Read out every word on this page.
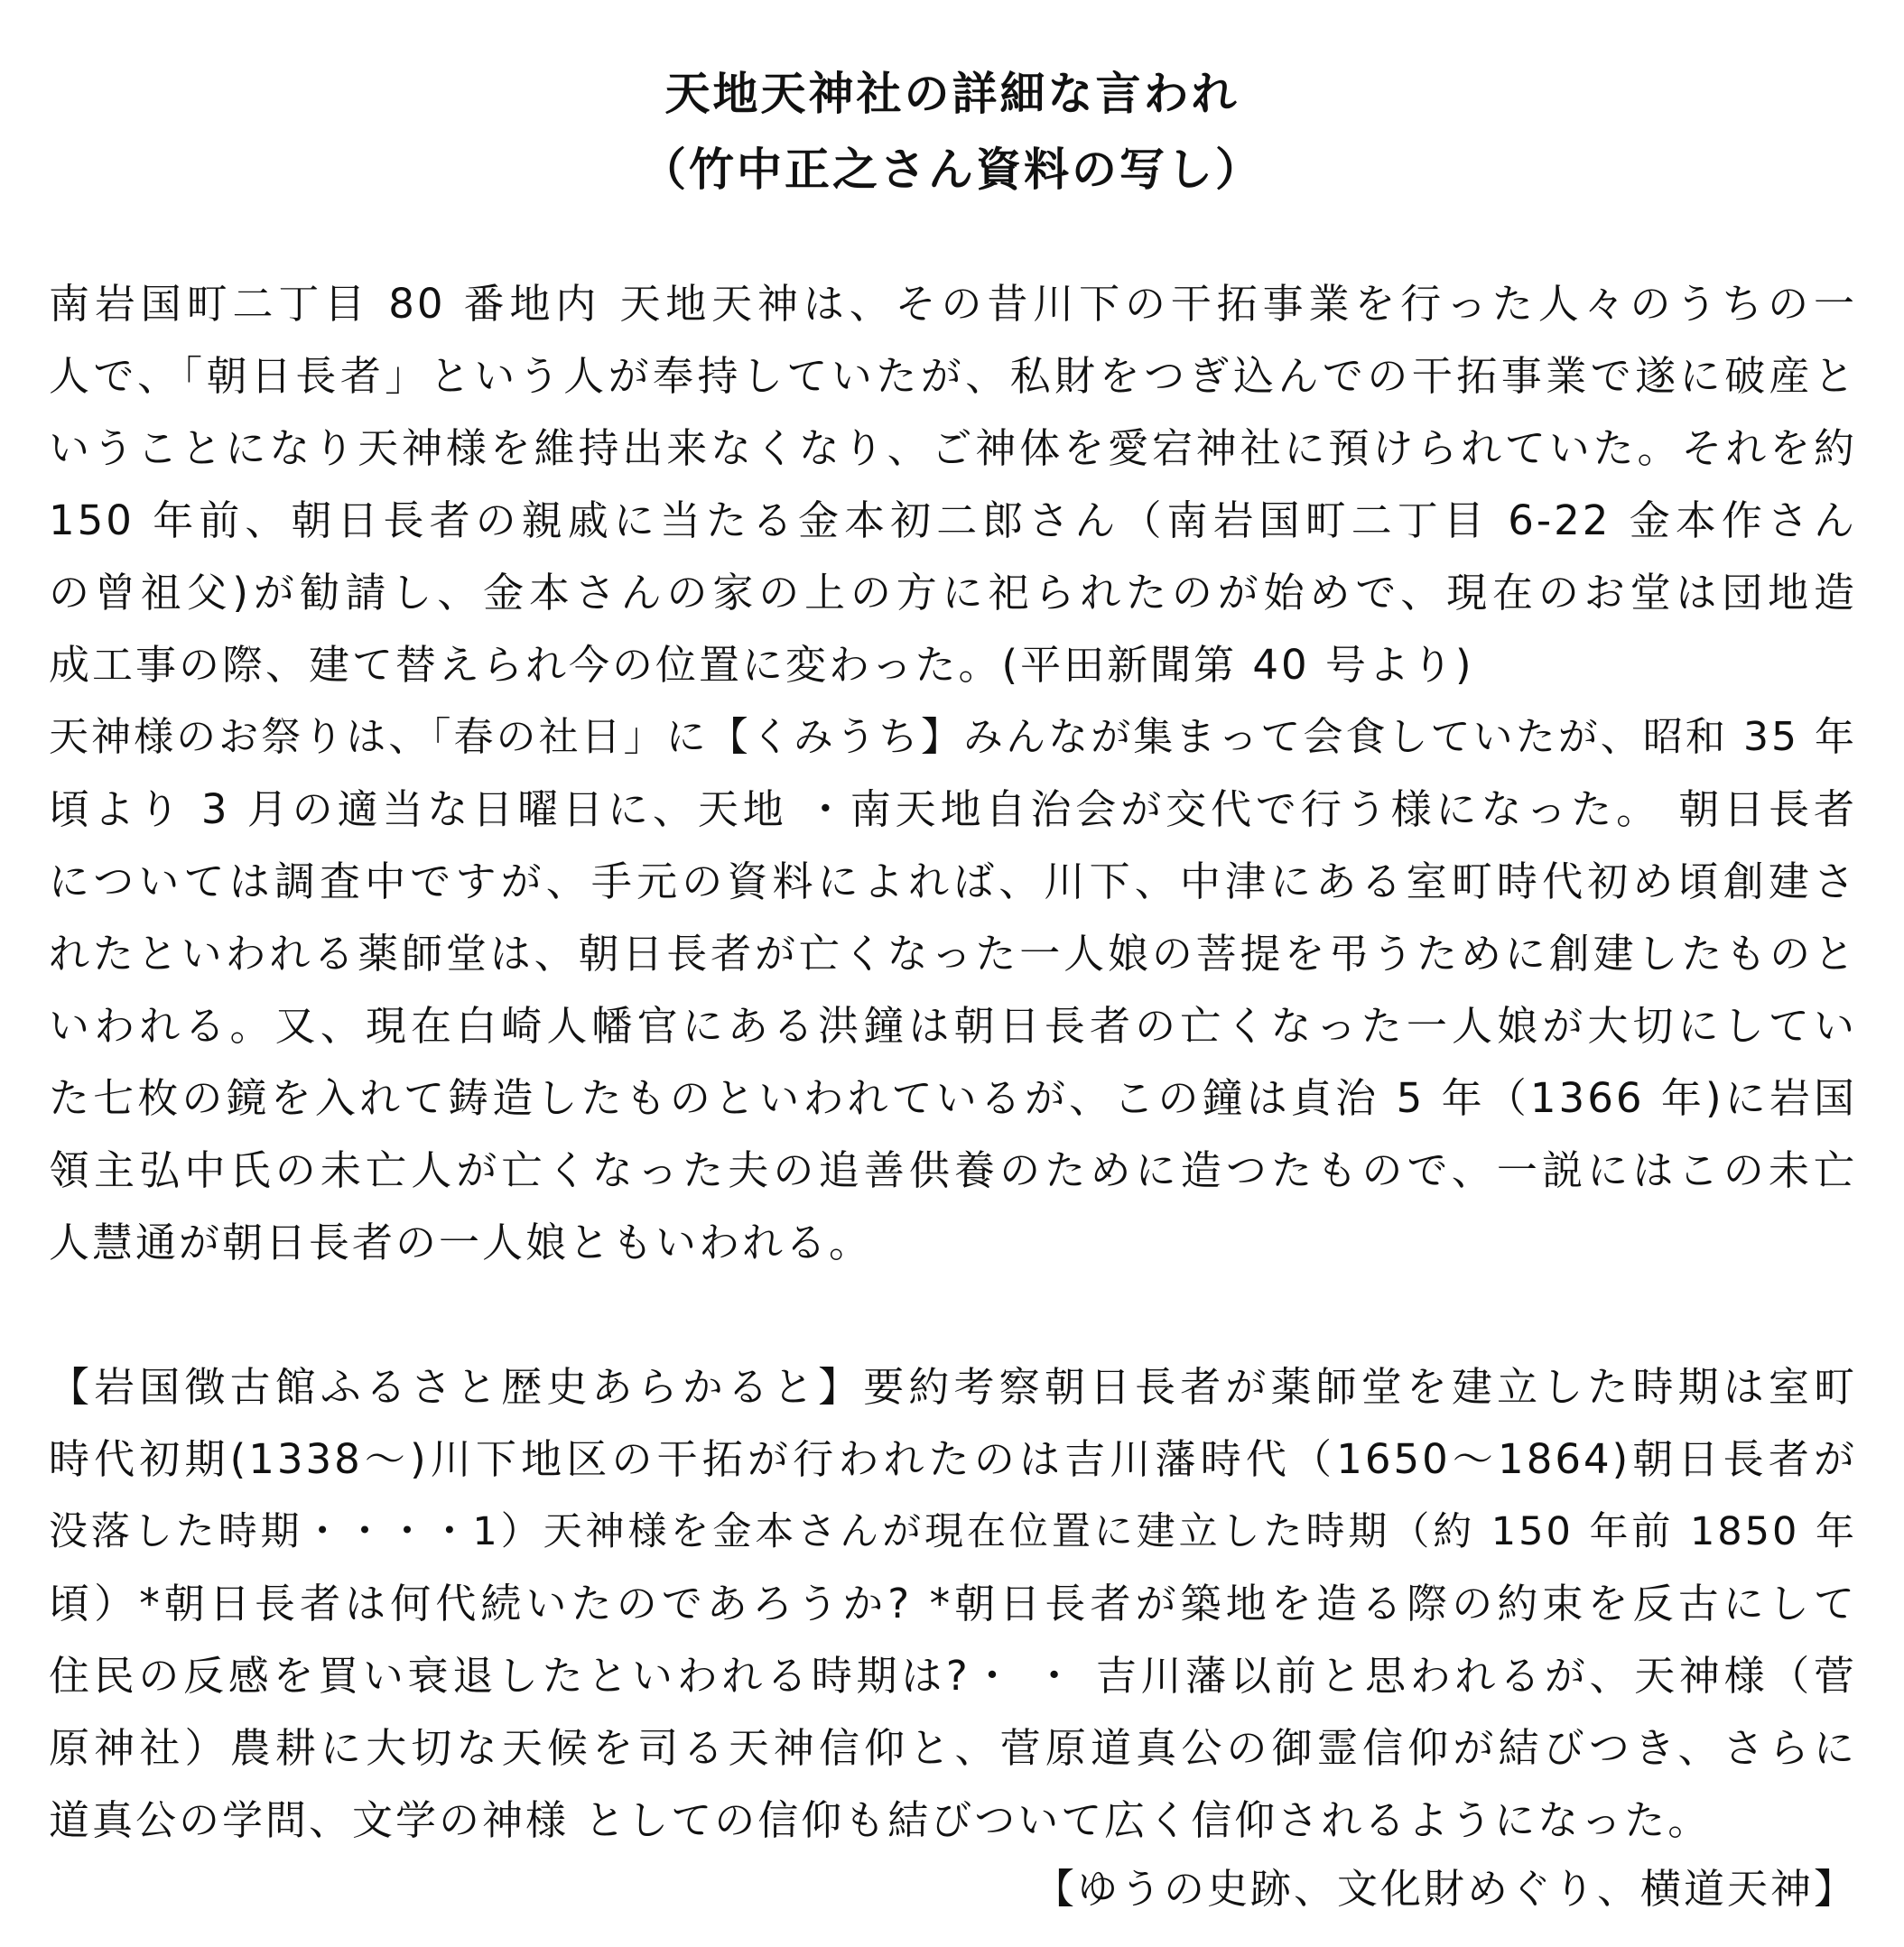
天地天神社の詳細な言われ
（竹中正之さん資料の写し）
南岩国町二丁目 80 番地内 天地天神は、その昔川下の干拓事業を行った人々のうちの一
人で、「朝日長者」という人が奉持していたが、私財をつぎ込んでの干拓事業で遂に破産と
いうことになり天神様を維持出来なくなり、ご神体を愛宕神社に預けられていた。それを約
150 年前、朝日長者の親戚に当たる金本初二郎さん（南岩国町二丁目 6-22 金本作さん
の曾祖父)が勧請し、金本さんの家の上の方に祀られたのが始めで、現在のお堂は団地造
成工事の際、建て替えられ今の位置に変わった。(平田新聞第 40 号より)
天神様のお祭りは、「春の社日」に【くみうち】みんなが集まって会食していたが、昭和 35 年
頃より 3 月の適当な日曜日に、天地 ・南天地自治会が交代で行う様になった。 朝日長者
については調査中ですが、手元の資料によれば、川下、中津にある室町時代初め頃創建さ
れたといわれる薬師堂は、朝日長者が亡くなった一人娘の菩提を弔うために創建したものと
いわれる。又、現在白崎人幡官にある洪鐘は朝日長者の亡くなった一人娘が大切にしてい
た七枚の鏡を入れて鋳造したものといわれているが、この鐘は貞治 5 年（1366 年)に岩国
領主弘中氏の未亡人が亡くなった夫の追善供養のために造つたもので、一説にはこの未亡
人慧通が朝日長者の一人娘ともいわれる。
【岩国徴古館ふるさと歴史あらかると】要約考察朝日長者が薬師堂を建立した時期は室町
時代初期(1338～)川下地区の干拓が行われたのは吉川藩時代（1650～1864)朝日長者が
没落した時期・・・・1）天神様を金本さんが現在位置に建立した時期（約 150 年前 1850 年
頃）*朝日長者は何代続いたのであろうか? *朝日長者が築地を造る際の約束を反古にして
住民の反感を買い衰退したといわれる時期は?・ ・ 吉川藩以前と思われるが、天神様（菅
原神社）農耕に大切な天候を司る天神信仰と、菅原道真公の御霊信仰が結びつき、さらに
道真公の学問、文学の神様 としての信仰も結びついて広く信仰されるようになった。
【ゆうの史跡、文化財めぐり、横道天神】
